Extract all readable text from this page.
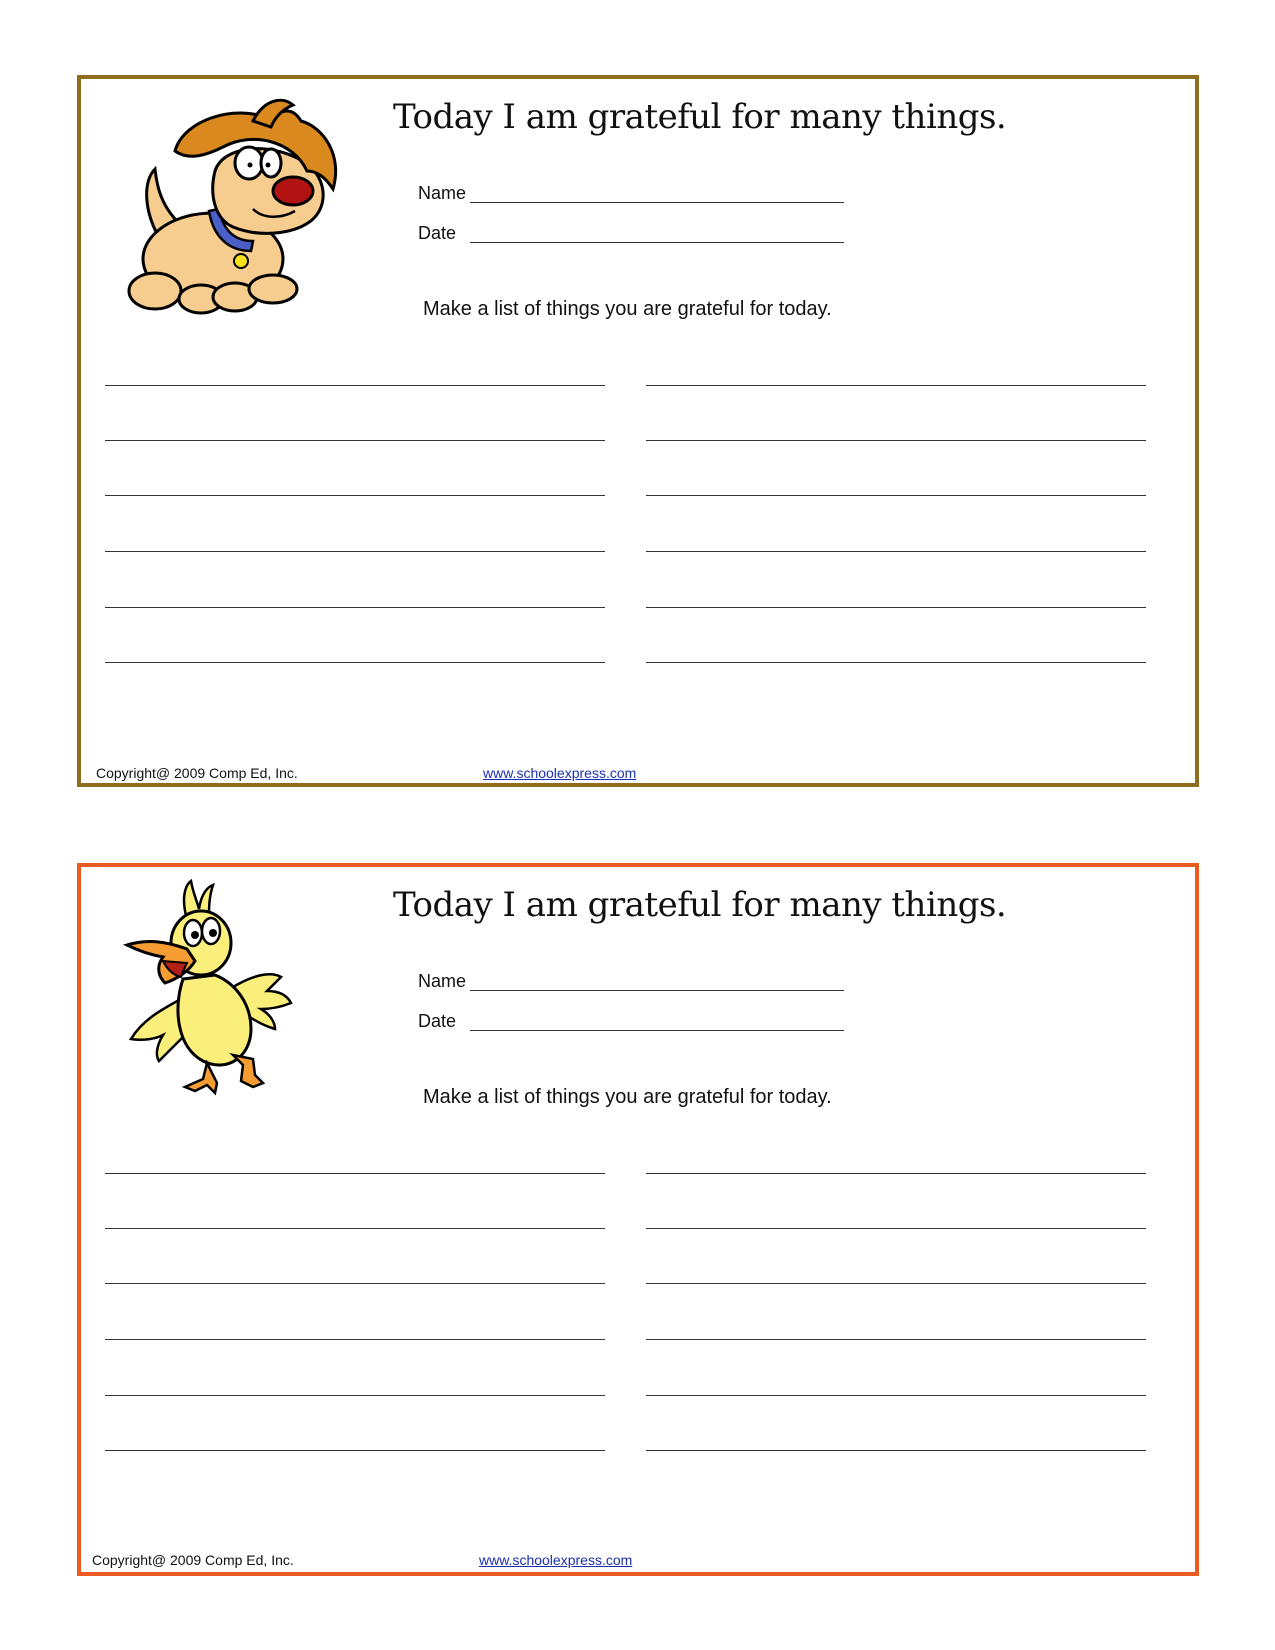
Today I am grateful for many things.
Name
Date
Make a list of things you are grateful for today.
Copyright@ 2009 Comp Ed, Inc.	www.schoolexpress.com
Today I am grateful for many things.
Name
Date
Make a list of things you are grateful for today.
Copyright@ 2009 Comp Ed, Inc.	www.schoolexpress.com
